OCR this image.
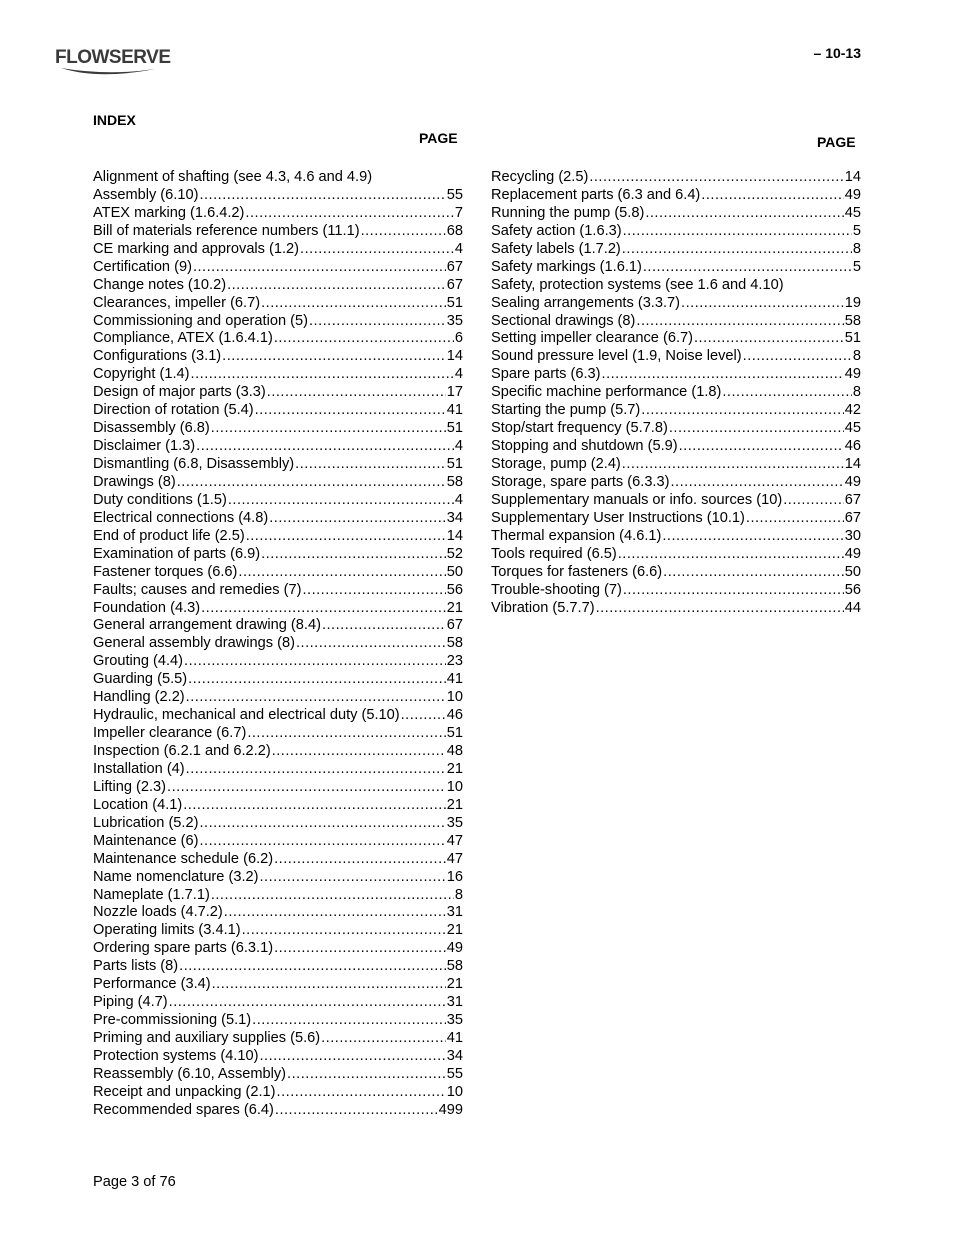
FLOWSERVE	– 10-13
INDEX
PAGE	PAGE
Alignment of shafting (see 4.3, 4.6 and 4.9)
Assembly (6.10) .....	55
ATEX marking (1.6.4.2) .....	7
Bill of materials reference numbers (11.1) .....	68
CE marking and approvals (1.2) .....	4
Certification (9) .....	67
Change notes (10.2) .....	67
Clearances, impeller (6.7) .....	51
Commissioning and operation (5) .....	35
Compliance, ATEX (1.6.4.1) .....	6
Configurations (3.1) .....	14
Copyright (1.4) .....	4
Design of major parts (3.3) .....	17
Direction of rotation (5.4) .....	41
Disassembly (6.8) .....	51
Disclaimer (1.3) .....	4
Dismantling (6.8, Disassembly) .....	51
Drawings (8) .....	58
Duty conditions (1.5) .....	4
Electrical connections (4.8) .....	34
End of product life (2.5) .....	14
Examination of parts (6.9) .....	52
Fastener torques (6.6) .....	50
Faults; causes and remedies (7) .....	56
Foundation (4.3) .....	21
General arrangement drawing (8.4) .....	67
General assembly drawings (8) .....	58
Grouting (4.4) .....	23
Guarding (5.5) .....	41
Handling (2.2) .....	10
Hydraulic, mechanical and electrical duty (5.10) .....	46
Impeller clearance (6.7) .....	51
Inspection (6.2.1 and 6.2.2) .....	48
Installation (4) .....	21
Lifting (2.3) .....	10
Location (4.1) .....	21
Lubrication (5.2) .....	35
Maintenance (6) .....	47
Maintenance schedule (6.2) .....	47
Name nomenclature (3.2) .....	16
Nameplate (1.7.1) .....	8
Nozzle loads (4.7.2) .....	31
Operating limits (3.4.1) .....	21
Ordering spare parts (6.3.1) .....	49
Parts lists (8) .....	58
Performance (3.4) .....	21
Piping (4.7) .....	31
Pre-commissioning (5.1) .....	35
Priming and auxiliary supplies (5.6) .....	41
Protection systems (4.10) .....	34
Reassembly (6.10, Assembly) .....	55
Receipt and unpacking (2.1) .....	10
Recommended spares (6.4) .....	499
Recycling (2.5) .....	14
Replacement parts (6.3 and 6.4) .....	49
Running the pump (5.8) .....	45
Safety action (1.6.3) .....	5
Safety labels (1.7.2) .....	8
Safety markings (1.6.1) .....	5
Safety, protection systems (see 1.6 and 4.10)
Sealing arrangements (3.3.7) .....	19
Sectional drawings (8) .....	58
Setting impeller clearance (6.7) .....	51
Sound pressure level (1.9, Noise level) .....	8
Spare parts (6.3) .....	49
Specific machine performance (1.8) .....	8
Starting the pump (5.7) .....	42
Stop/start frequency (5.7.8) .....	45
Stopping and shutdown (5.9) .....	46
Storage, pump (2.4) .....	14
Storage, spare parts (6.3.3) .....	49
Supplementary manuals or info. sources (10) .....	67
Supplementary User Instructions (10.1) .....	67
Thermal expansion (4.6.1) .....	30
Tools required (6.5) .....	49
Torques for fasteners (6.6) .....	50
Trouble-shooting (7) .....	56
Vibration (5.7.7) .....	44
Page 3 of 76
